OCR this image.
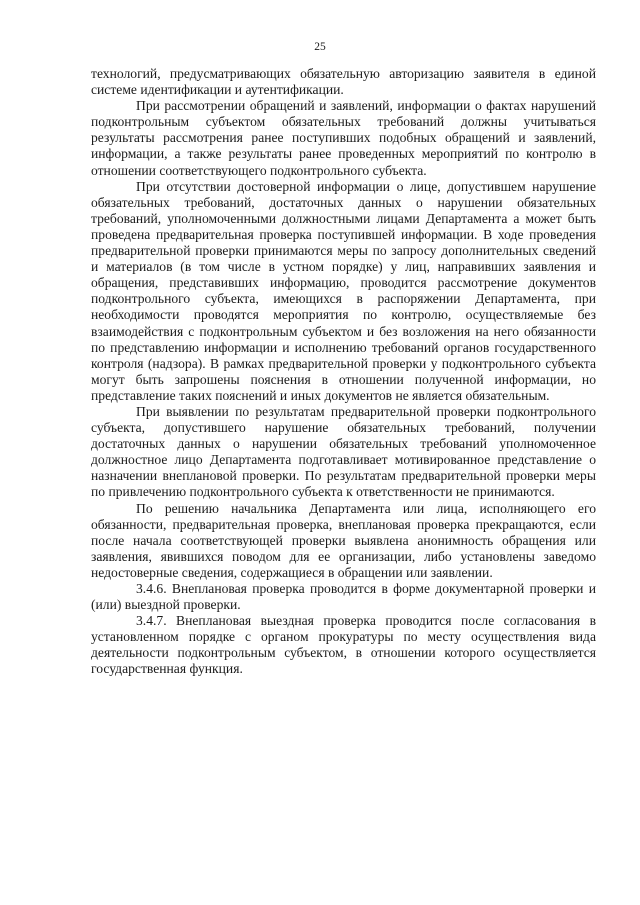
25

технологий, предусматривающих обязательную авторизацию заявителя в единой системе идентификации и аутентификации.

При рассмотрении обращений и заявлений, информации о фактах нарушений подконтрольным субъектом обязательных требований должны учитываться результаты рассмотрения ранее поступивших подобных обращений и заявлений, информации, а также результаты ранее проведенных мероприятий по контролю в отношении соответствующего подконтрольного субъекта.

При отсутствии достоверной информации о лице, допустившем нарушение обязательных требований, достаточных данных о нарушении обязательных требований, уполномоченными должностными лицами Департамента а может быть проведена предварительная проверка поступившей информации. В ходе проведения предварительной проверки принимаются меры по запросу дополнительных сведений и материалов (в том числе в устном порядке) у лиц, направивших заявления и обращения, представивших информацию, проводится рассмотрение документов подконтрольного субъекта, имеющихся в распоряжении Департамента, при необходимости проводятся мероприятия по контролю, осуществляемые без взаимодействия с подконтрольным субъектом и без возложения на него обязанности по представлению информации и исполнению требований органов государственного контроля (надзора). В рамках предварительной проверки у подконтрольного субъекта могут быть запрошены пояснения в отношении полученной информации, но представление таких пояснений и иных документов не является обязательным.

При выявлении по результатам предварительной проверки подконтрольного субъекта, допустившего нарушение обязательных требований, получении достаточных данных о нарушении обязательных требований уполномоченное должностное лицо Департамента подготавливает мотивированное представление о назначении внеплановой проверки. По результатам предварительной проверки меры по привлечению подконтрольного субъекта к ответственности не принимаются.

По решению начальника Департамента или лица, исполняющего его обязанности, предварительная проверка, внеплановая проверка прекращаются, если после начала соответствующей проверки выявлена анонимность обращения или заявления, явившихся поводом для ее организации, либо установлены заведомо недостоверные сведения, содержащиеся в обращении или заявлении.

3.4.6. Внеплановая проверка проводится в форме документарной проверки и (или) выездной проверки.

3.4.7. Внеплановая выездная проверка проводится после согласования в установленном порядке с органом прокуратуры по месту осуществления вида деятельности подконтрольным субъектом, в отношении которого осуществляется государственная функция.
